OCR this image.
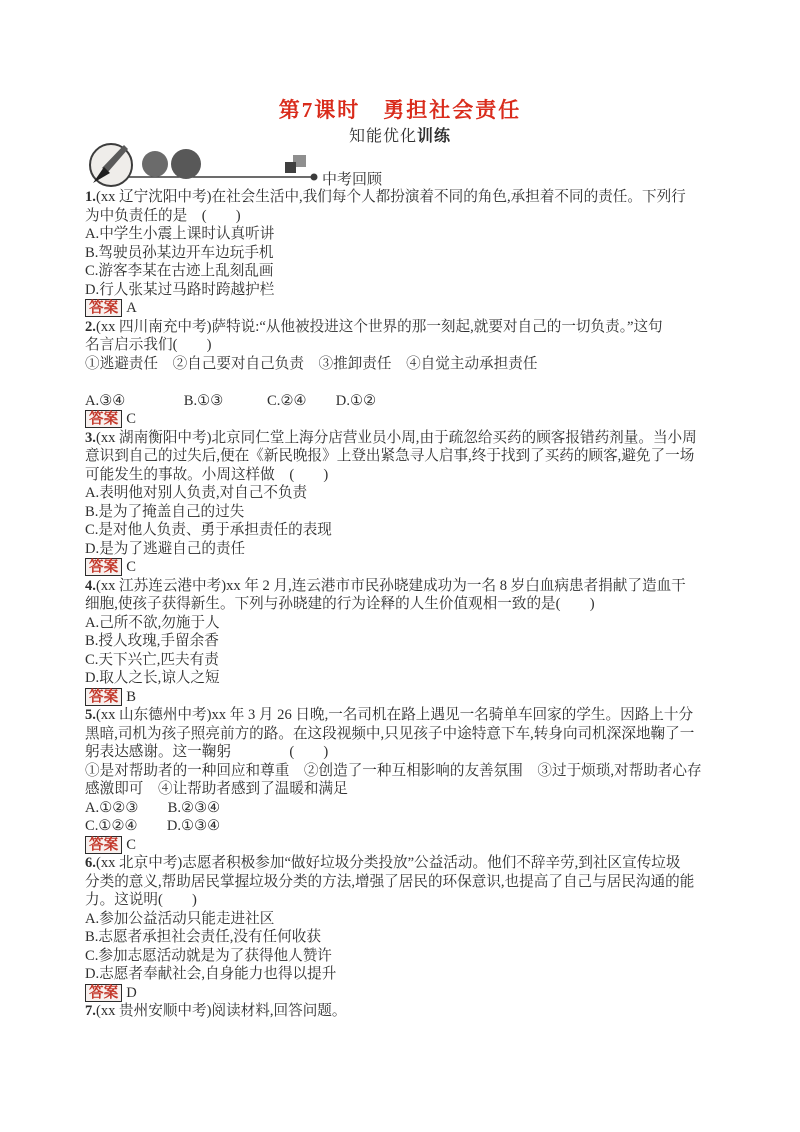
第7课时　勇担社会责任
知能优化训练
中考回顾
1.(xx 辽宁沈阳中考)在社会生活中,我们每个人都扮演着不同的角色,承担着不同的责任。下列行
为中负责任的是　(　　)
A.中学生小震上课时认真听讲
B.驾驶员孙某边开车边玩手机
C.游客李某在古迹上乱刻乱画
D.行人张某过马路时跨越护栏
答案 A
2.(xx 四川南充中考)萨特说:“从他被投进这个世界的那一刻起,就要对自己的一切负责。”这句
名言启示我们(　　)
①逃避责任　②自己要对自己负责　③推卸责任　④自觉主动承担责任

A.③④　　　　B.①③　　　C.②④　　D.①②
答案 C
3.(xx 湖南衡阳中考)北京同仁堂上海分店营业员小周,由于疏忽给买药的顾客报错药剂量。当小周
意识到自己的过失后,便在《新民晚报》上登出紧急寻人启事,终于找到了买药的顾客,避免了一场
可能发生的事故。小周这样做　(　　)
A.表明他对别人负责,对自己不负责
B.是为了掩盖自己的过失
C.是对他人负责、勇于承担责任的表现
D.是为了逃避自己的责任
答案 C
4.(xx 江苏连云港中考)xx 年 2 月,连云港市市民孙晓建成功为一名 8 岁白血病患者捐献了造血干
细胞,使孩子获得新生。下列与孙晓建的行为诠释的人生价值观相一致的是(　　)
A.己所不欲,勿施于人
B.授人玫瑰,手留余香
C.天下兴亡,匹夫有责
D.取人之长,谅人之短
答案 B
5.(xx 山东德州中考)xx 年 3 月 26 日晚,一名司机在路上遇见一名骑单车回家的学生。因路上十分
黑暗,司机为孩子照亮前方的路。在这段视频中,只见孩子中途特意下车,转身向司机深深地鞠了一
躬表达感谢。这一鞠躬　　　　(　　)
①是对帮助者的一种回应和尊重　②创造了一种互相影响的友善氛围　③过于烦琐,对帮助者心存
感激即可　④让帮助者感到了温暖和满足
A.①②③　　B.②③④
C.①②④　　D.①③④
答案 C
6.(xx 北京中考)志愿者积极参加“做好垃圾分类投放”公益活动。他们不辞辛劳,到社区宣传垃圾
分类的意义,帮助居民掌握垃圾分类的方法,增强了居民的环保意识,也提高了自己与居民沟通的能
力。这说明(　　)
A.参加公益活动只能走进社区
B.志愿者承担社会责任,没有任何收获
C.参加志愿活动就是为了获得他人赞许
D.志愿者奉献社会,自身能力也得以提升
答案 D
7.(xx 贵州安顺中考)阅读材料,回答问题。
